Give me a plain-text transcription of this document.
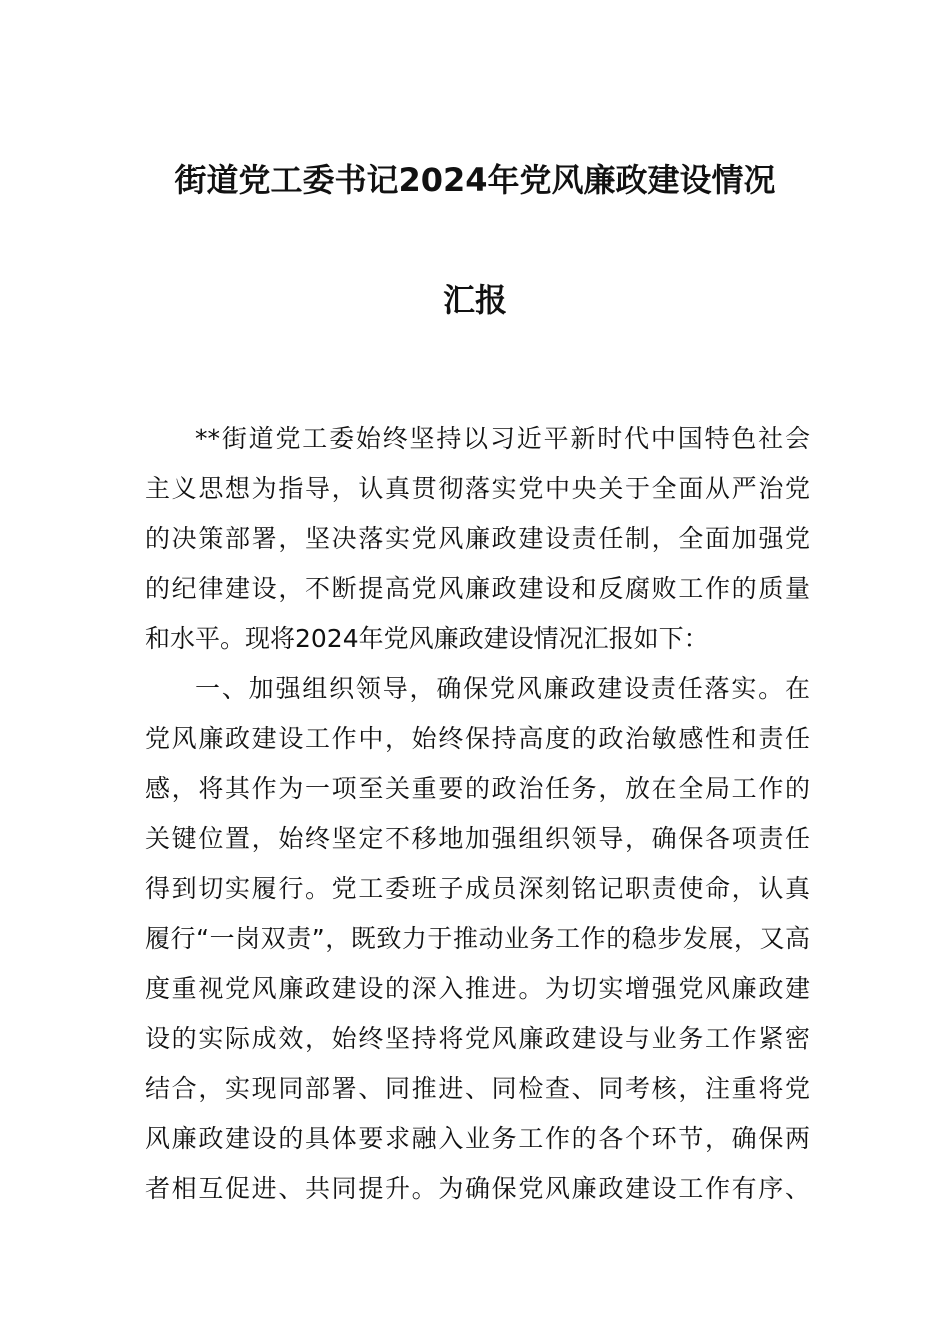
街道党工委书记2024年党风廉政建设情况
汇报
**街道党工委始终坚持以习近平新时代中国特色社会
主义思想为指导，认真贯彻落实党中央关于全面从严治党
的决策部署，坚决落实党风廉政建设责任制，全面加强党
的纪律建设，不断提高党风廉政建设和反腐败工作的质量
和水平。现将2024年党风廉政建设情况汇报如下：
一、加强组织领导，确保党风廉政建设责任落实。在
党风廉政建设工作中，始终保持高度的政治敏感性和责任
感，将其作为一项至关重要的政治任务，放在全局工作的
关键位置，始终坚定不移地加强组织领导，确保各项责任
得到切实履行。党工委班子成员深刻铭记职责使命，认真
履行“一岗双责”，既致力于推动业务工作的稳步发展，又高
度重视党风廉政建设的深入推进。为切实增强党风廉政建
设的实际成效，始终坚持将党风廉政建设与业务工作紧密
结合，实现同部署、同推进、同检查、同考核，注重将党
风廉政建设的具体要求融入业务工作的各个环节，确保两
者相互促进、共同提升。为确保党风廉政建设工作有序、
